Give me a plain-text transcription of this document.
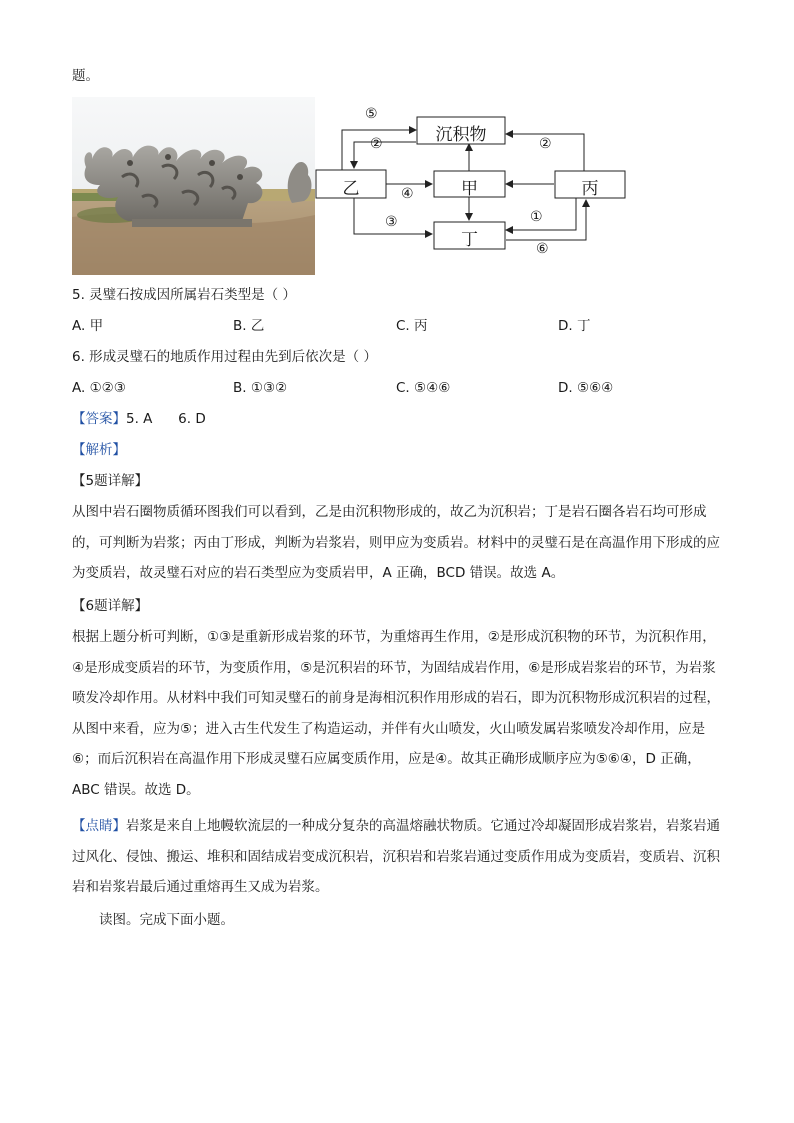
题。
沉积物
乙	甲	丙
丁
⑤
②	②
④
③	①
⑥
5. 灵璧石按成因所属岩石类型是（ ）
A. 甲	B. 乙	C. 丙	D. 丁
6. 形成灵璧石的地质作用过程由先到后依次是（ ）
A. ①②③	B. ①③②	C. ⑤④⑥	D. ⑤⑥④
【答案】5. A      6. D
【解析】
【5题详解】
从图中岩石圈物质循环图我们可以看到，乙是由沉积物形成的，故乙为沉积岩；丁是岩石圈各岩石均可形成的，可判断为岩浆；丙由丁形成，判断为岩浆岩，则甲应为变质岩。材料中的灵璧石是在高温作用下形成的应为变质岩，故灵璧石对应的岩石类型应为变质岩甲，A 正确，BCD 错误。故选 A。
【6题详解】
根据上题分析可判断，①③是重新形成岩浆的环节，为重熔再生作用，②是形成沉积物的环节，为沉积作用，④是形成变质岩的环节，为变质作用，⑤是沉积岩的环节，为固结成岩作用，⑥是形成岩浆岩的环节，为岩浆喷发冷却作用。从材料中我们可知灵璧石的前身是海相沉积作用形成的岩石，即为沉积物形成沉积岩的过程，从图中来看，应为⑤；进入古生代发生了构造运动，并伴有火山喷发，火山喷发属岩浆喷发冷却作用，应是⑥；而后沉积岩在高温作用下形成灵璧石应属变质作用，应是④。故其正确形成顺序应为⑤⑥④，D 正确，ABC 错误。故选 D。
【点睛】岩浆是来自上地幔软流层的一种成分复杂的高温熔融状物质。它通过冷却凝固形成岩浆岩，岩浆岩通过风化、侵蚀、搬运、堆积和固结成岩变成沉积岩，沉积岩和岩浆岩通过变质作用成为变质岩，变质岩、沉积岩和岩浆岩最后通过重熔再生又成为岩浆。
读图。完成下面小题。
